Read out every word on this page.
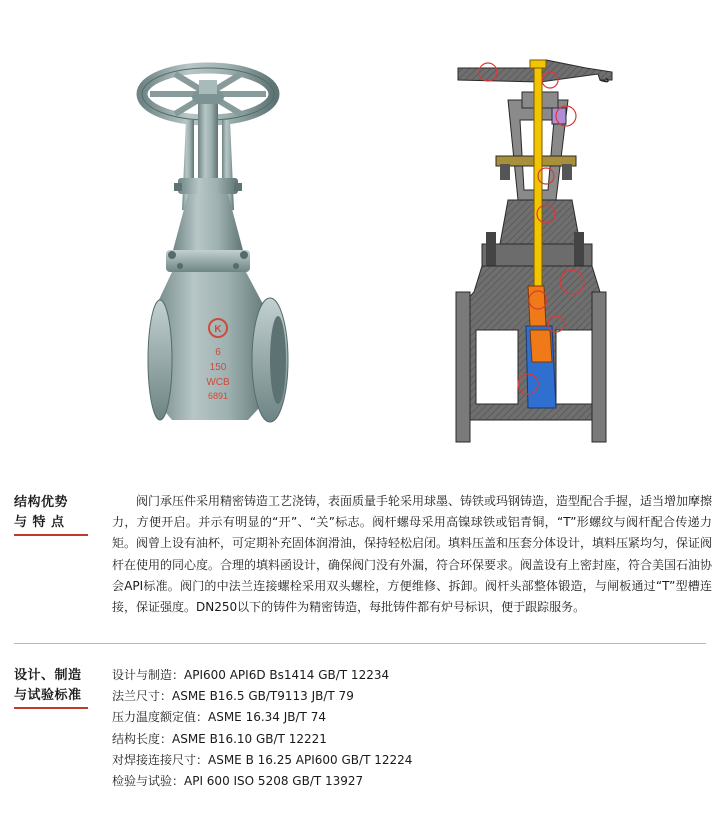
K
6
150
WCB
6891
结构优势
与 特 点
阀门承压件采用精密铸造工艺浇铸，表面质量手轮采用球墨、铸铁或玛钢铸造，造型配合手握，适当增加摩擦力，方便开启。并示有明显的“开”、“关”标志。阀杆螺母采用高镍球铁或铝青铜，“T”形螺纹与阀杆配合传递力矩。阀曾上设有油杯，可定期补充固体润滑油，保持轻松启闭。填料压盖和压套分体设计，填料压紧均匀，保证阀杆在使用的同心度。合理的填料函设计，确保阀门没有外漏，符合环保要求。阀盖设有上密封座，符合美国石油协会API标准。阀门的中法兰连接螺栓采用双头螺栓，方便维修、拆卸。阀杆头部整体锻造，与闸板通过“T”型槽连接，保证强度。DN250以下的铸件为精密铸造，每批铸件都有炉号标识，便于跟踪服务。
设计、制造
与试验标准
设计与制造：API600 API6D Bs1414 GB/T 12234
法兰尺寸：ASME B16.5 GB/T9113 JB/T 79
压力温度额定值：ASME 16.34 JB/T 74
结构长度：ASME B16.10 GB/T 12221
对焊接连接尺寸：ASME B 16.25 API600 GB/T 12224
检验与试验：API 600 ISO 5208 GB/T 13927
